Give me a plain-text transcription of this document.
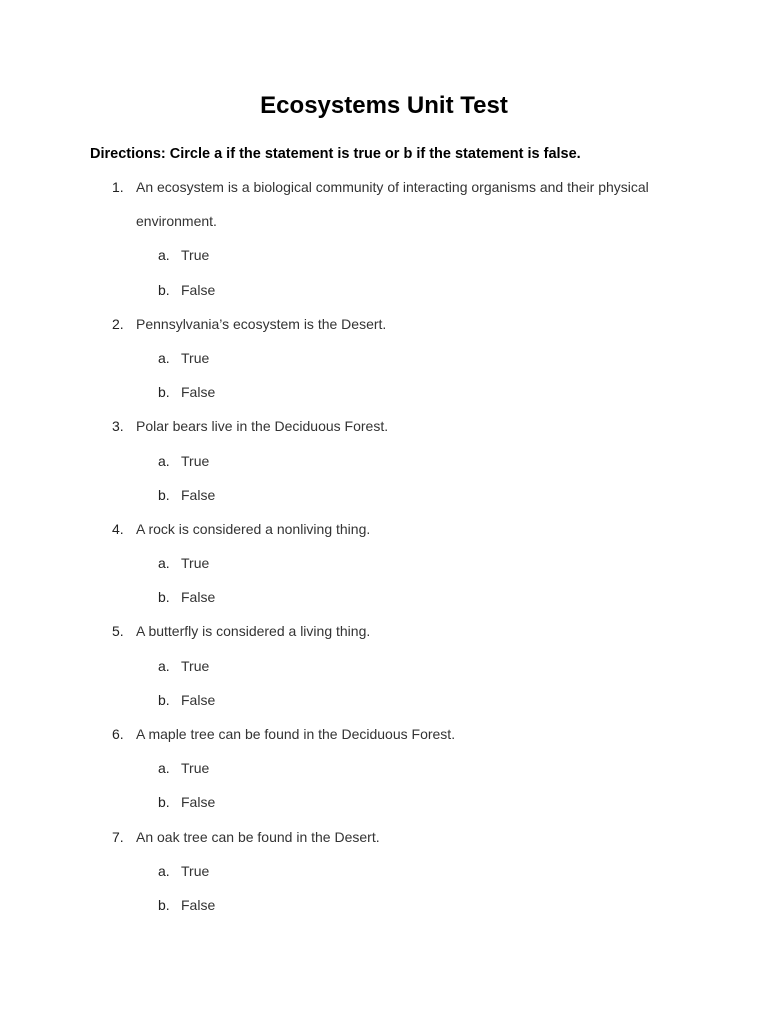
Ecosystems Unit Test
Directions: Circle a if the statement is true or b if the statement is false.
1. An ecosystem is a biological community of interacting organisms and their physical
environment.
a. True
b. False
2. Pennsylvania’s ecosystem is the Desert.
a. True
b. False
3. Polar bears live in the Deciduous Forest.
a. True
b. False
4. A rock is considered a nonliving thing.
a. True
b. False
5. A butterfly is considered a living thing.
a. True
b. False
6. A maple tree can be found in the Deciduous Forest.
a. True
b. False
7. An oak tree can be found in the Desert.
a. True
b. False
